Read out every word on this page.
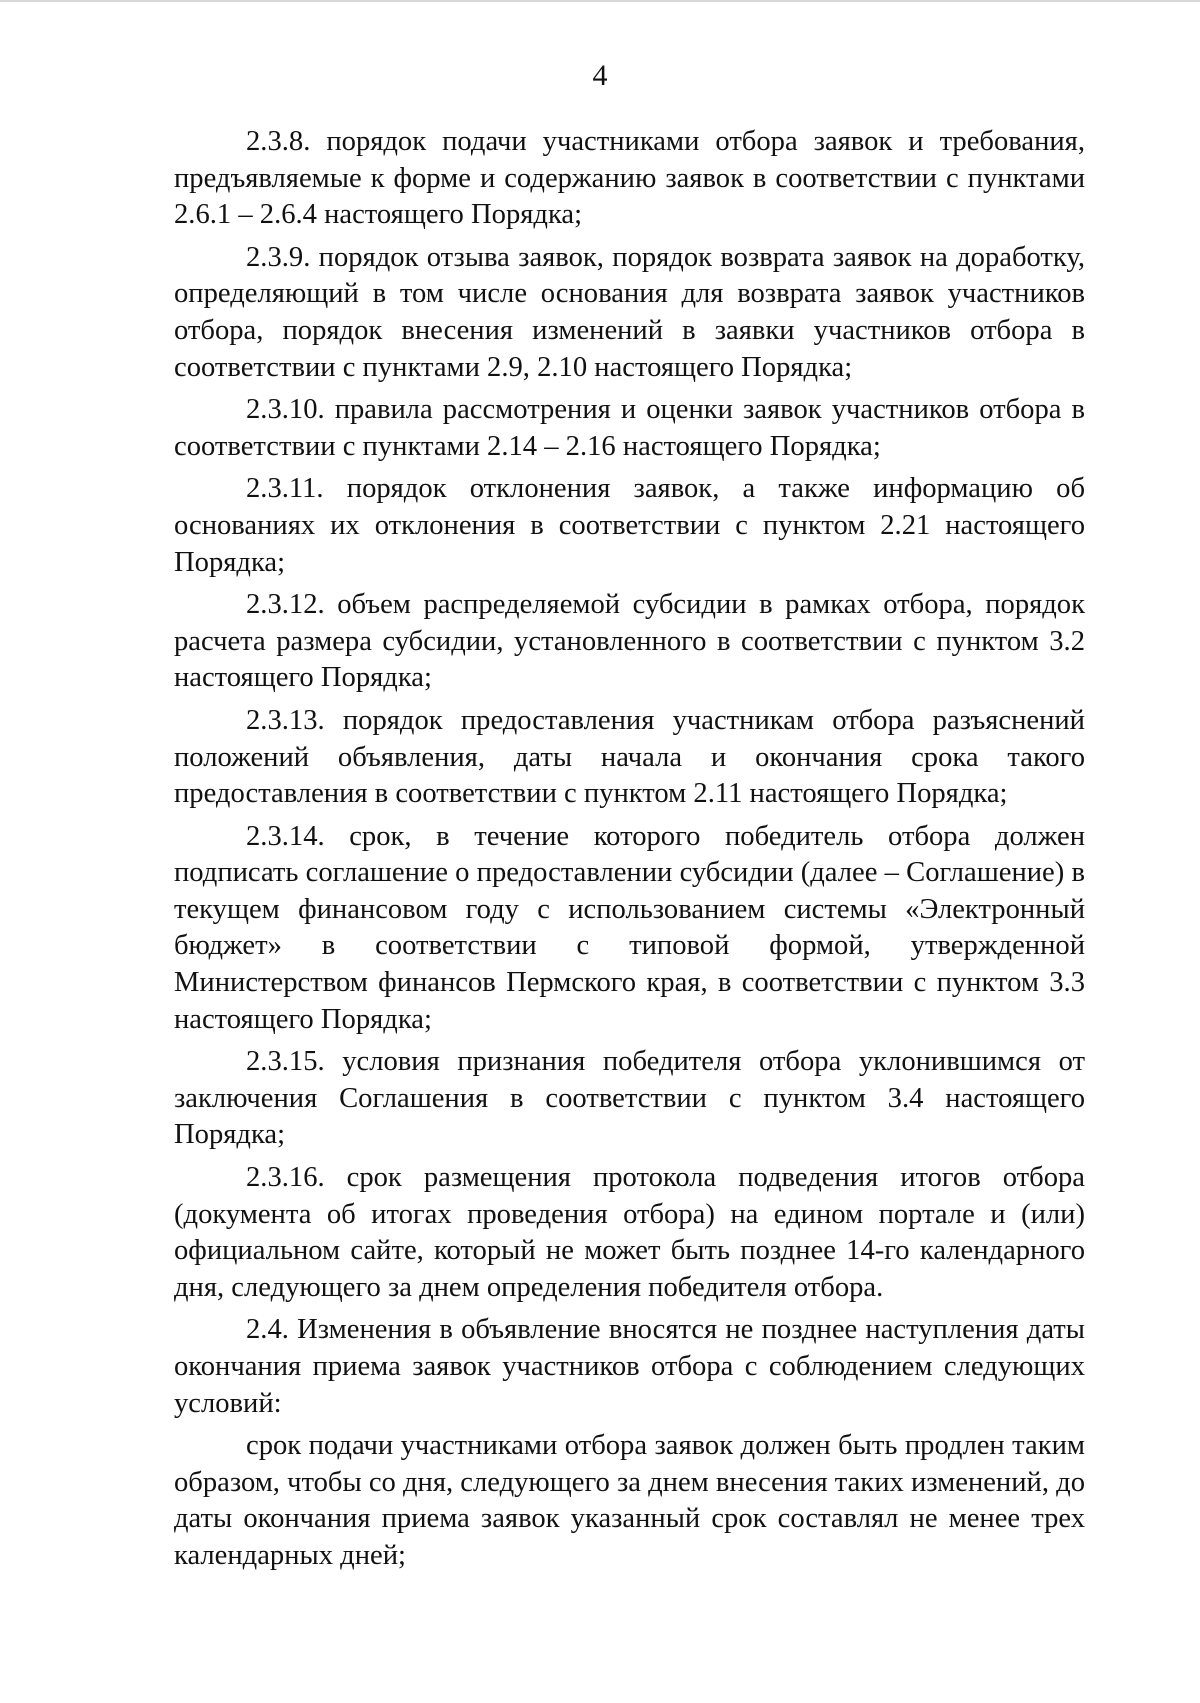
4

2.3.8. порядок подачи участниками отбора заявок и требования, предъявляемые к форме и содержанию заявок в соответствии с пунктами 2.6.1 – 2.6.4 настоящего Порядка;

2.3.9. порядок отзыва заявок, порядок возврата заявок на доработку, определяющий в том числе основания для возврата заявок участников отбора, порядок внесения изменений в заявки участников отбора в соответствии с пунктами 2.9, 2.10 настоящего Порядка;

2.3.10. правила рассмотрения и оценки заявок участников отбора в соответствии с пунктами 2.14 – 2.16 настоящего Порядка;

2.3.11. порядок отклонения заявок, а также информацию об основаниях их отклонения в соответствии с пунктом 2.21 настоящего Порядка;

2.3.12. объем распределяемой субсидии в рамках отбора, порядок расчета размера субсидии, установленного в соответствии с пунктом 3.2 настоящего Порядка;

2.3.13. порядок предоставления участникам отбора разъяснений положений объявления, даты начала и окончания срока такого предоставления в соответствии с пунктом 2.11 настоящего Порядка;

2.3.14. срок, в течение которого победитель отбора должен подписать соглашение о предоставлении субсидии (далее – Соглашение) в текущем финансовом году с использованием системы «Электронный бюджет» в соответствии с типовой формой, утвержденной Министерством финансов Пермского края, в соответствии с пунктом 3.3 настоящего Порядка;

2.3.15. условия признания победителя отбора уклонившимся от заключения Соглашения в соответствии с пунктом 3.4 настоящего Порядка;

2.3.16. срок размещения протокола подведения итогов отбора (документа об итогах проведения отбора) на едином портале и (или) официальном сайте, который не может быть позднее 14-го календарного дня, следующего за днем определения победителя отбора.

2.4. Изменения в объявление вносятся не позднее наступления даты окончания приема заявок участников отбора с соблюдением следующих условий:

срок подачи участниками отбора заявок должен быть продлен таким образом, чтобы со дня, следующего за днем внесения таких изменений, до даты окончания приема заявок указанный срок составлял не менее трех календарных дней;
